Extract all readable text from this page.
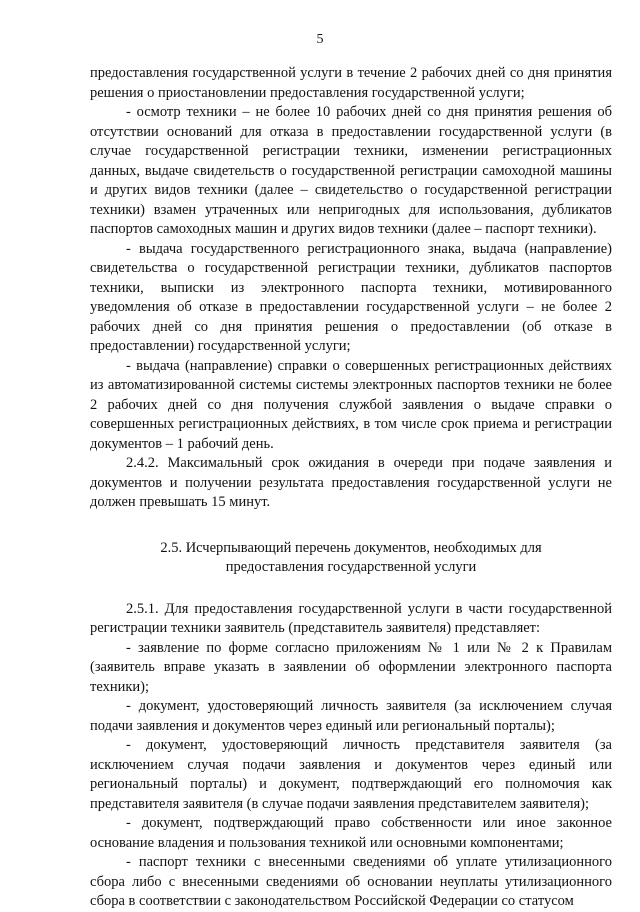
5

предоставления государственной услуги в течение 2 рабочих дней со дня принятия решения о приостановлении предоставления государственной услуги;

- осмотр техники – не более 10 рабочих дней со дня принятия решения об отсутствии оснований для отказа в предоставлении государственной услуги (в случае государственной регистрации техники, изменении регистрационных данных, выдаче свидетельств о государственной регистрации самоходной машины и других видов техники (далее – свидетельство о государственной регистрации техники) взамен утраченных или непригодных для использования, дубликатов паспортов самоходных машин и других видов техники (далее – паспорт техники).

- выдача государственного регистрационного знака, выдача (направление) свидетельства о государственной регистрации техники, дубликатов паспортов техники, выписки из электронного паспорта техники, мотивированного уведомления об отказе в предоставлении государственной услуги – не более 2 рабочих дней со дня принятия решения о предоставлении (об отказе в предоставлении) государственной услуги;

- выдача (направление) справки о совершенных регистрационных действиях из автоматизированной системы системы электронных паспортов техники не более 2 рабочих дней со дня получения службой заявления о выдаче справки о совершенных регистрационных действиях, в том числе срок приема и регистрации документов – 1 рабочий день.

2.4.2. Максимальный срок ожидания в очереди при подаче заявления и документов и получении результата предоставления государственной услуги не должен превышать 15 минут.

2.5. Исчерпывающий перечень документов, необходимых для предоставления государственной услуги

2.5.1. Для предоставления государственной услуги в части государственной регистрации техники заявитель (представитель заявителя) представляет:

- заявление по форме согласно приложениям № 1 или № 2 к Правилам (заявитель вправе указать в заявлении об оформлении электронного паспорта техники);

- документ, удостоверяющий личность заявителя (за исключением случая подачи заявления и документов через единый или региональный порталы);

- документ, удостоверяющий личность представителя заявителя (за исключением случая подачи заявления и документов через единый или региональный порталы) и документ, подтверждающий его полномочия как представителя заявителя (в случае подачи заявления представителем заявителя);

- документ, подтверждающий право собственности или иное законное основание владения и пользования техникой или основными компонентами;

- паспорт техники с внесенными сведениями об уплате утилизационного сбора либо с внесенными сведениями об основании неуплаты утилизационного сбора в соответствии с законодательством Российской Федерации со статусом
